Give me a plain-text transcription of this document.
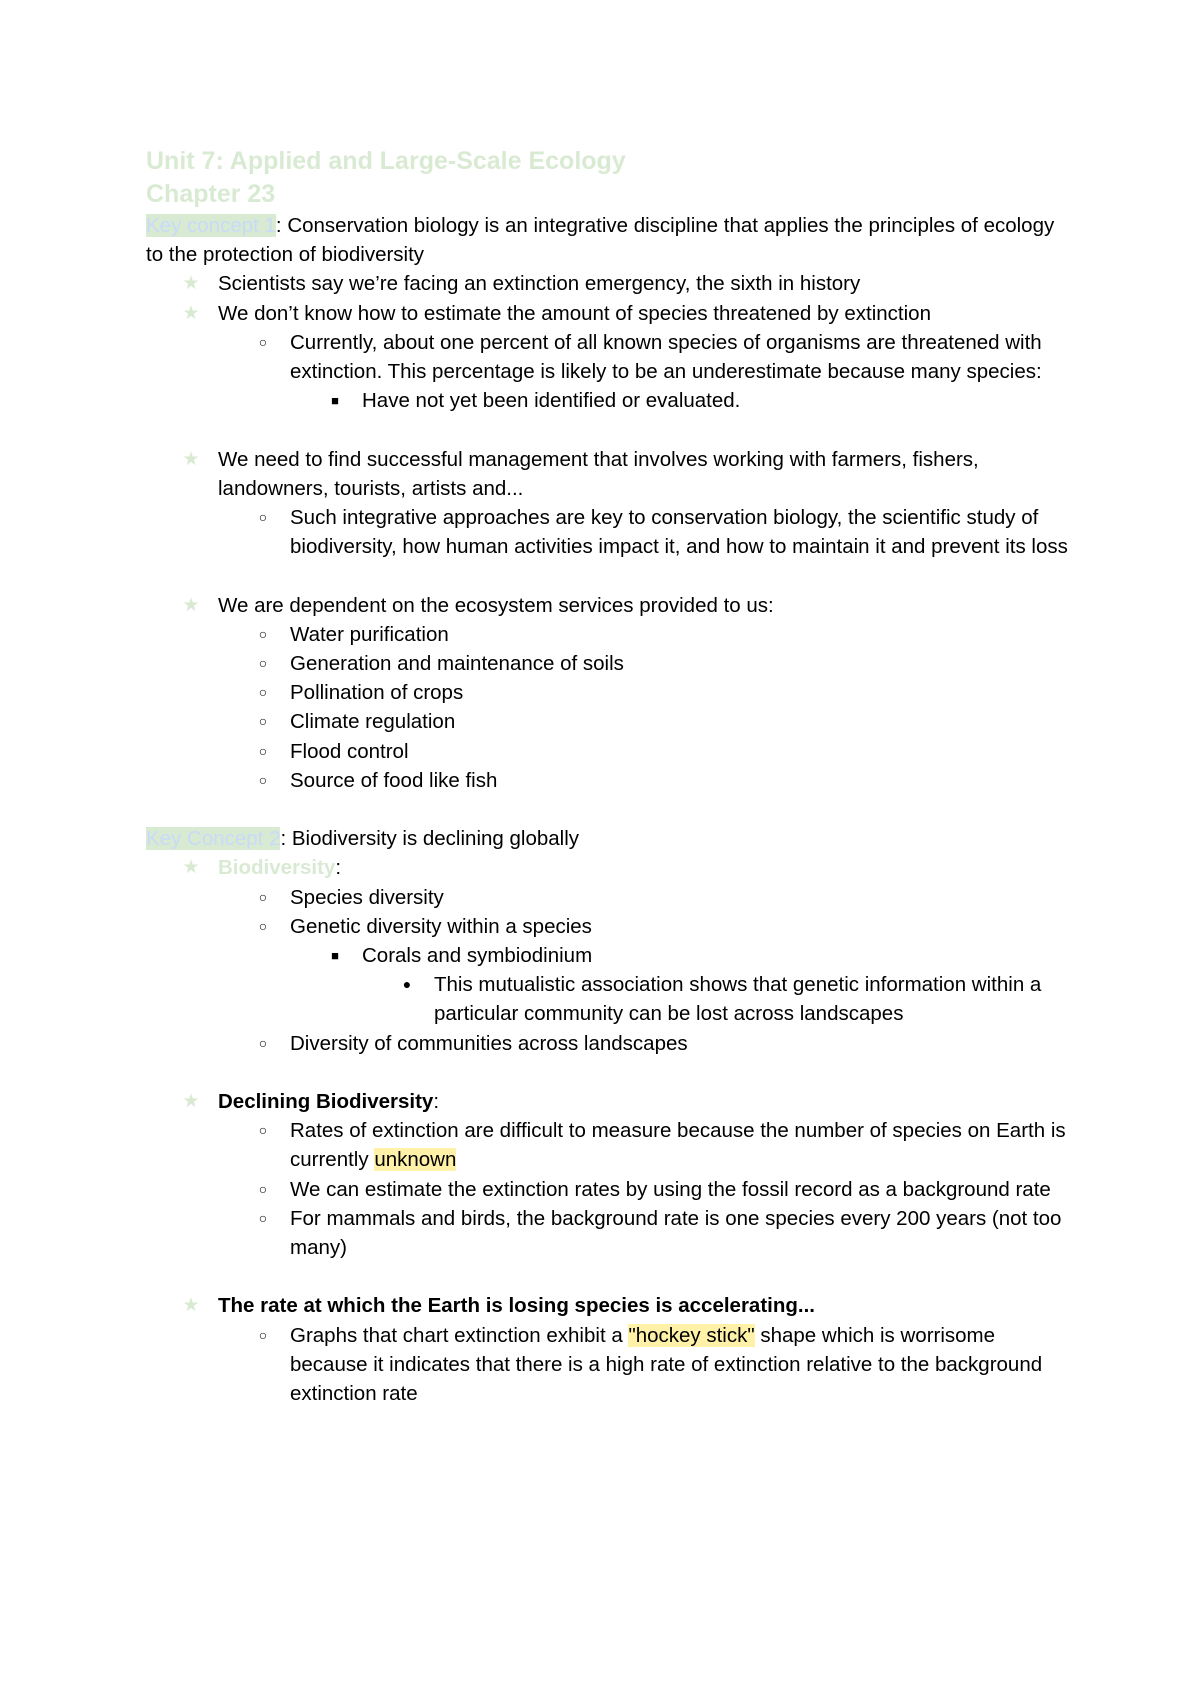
Unit 7: Applied and Large-Scale Ecology
Chapter 23

Key concept 1: Conservation biology is an integrative discipline that applies the principles of ecology to the protection of biodiversity

★ Scientists say we’re facing an extinction emergency, the sixth in history
★ We don’t know how to estimate the amount of species threatened by extinction
○	Currently, about one percent of all known species of organisms are threatened with extinction. This percentage is likely to be an underestimate because many species:
■	Have not yet been identified or evaluated.
★ We need to find successful management that involves working with farmers, fishers, landowners, tourists, artists and...
○	Such integrative approaches are key to conservation biology, the scientific study of biodiversity, how human activities impact it, and how to maintain it and prevent its loss
★ We are dependent on the ecosystem services provided to us:
○	Water purification
○	Generation and maintenance of soils
○	Pollination of crops
○	Climate regulation
○	Flood control
○	Source of food like fish

Key Concept 2: Biodiversity is declining globally

★ Biodiversity:
○	Species diversity
○	Genetic diversity within a species
■	Corals and symbiodinium
●	This mutualistic association shows that genetic information within a particular community can be lost across landscapes
○	Diversity of communities across landscapes
★ Declining Biodiversity:
○	Rates of extinction are difficult to measure because the number of species on Earth is currently unknown
○	We can estimate the extinction rates by using the fossil record as a background rate
○	For mammals and birds, the background rate is one species every 200 years (not too many)
★ The rate at which the Earth is losing species is accelerating...
○	Graphs that chart extinction exhibit a "hockey stick" shape which is worrisome because it indicates that there is a high rate of extinction relative to the background extinction rate
